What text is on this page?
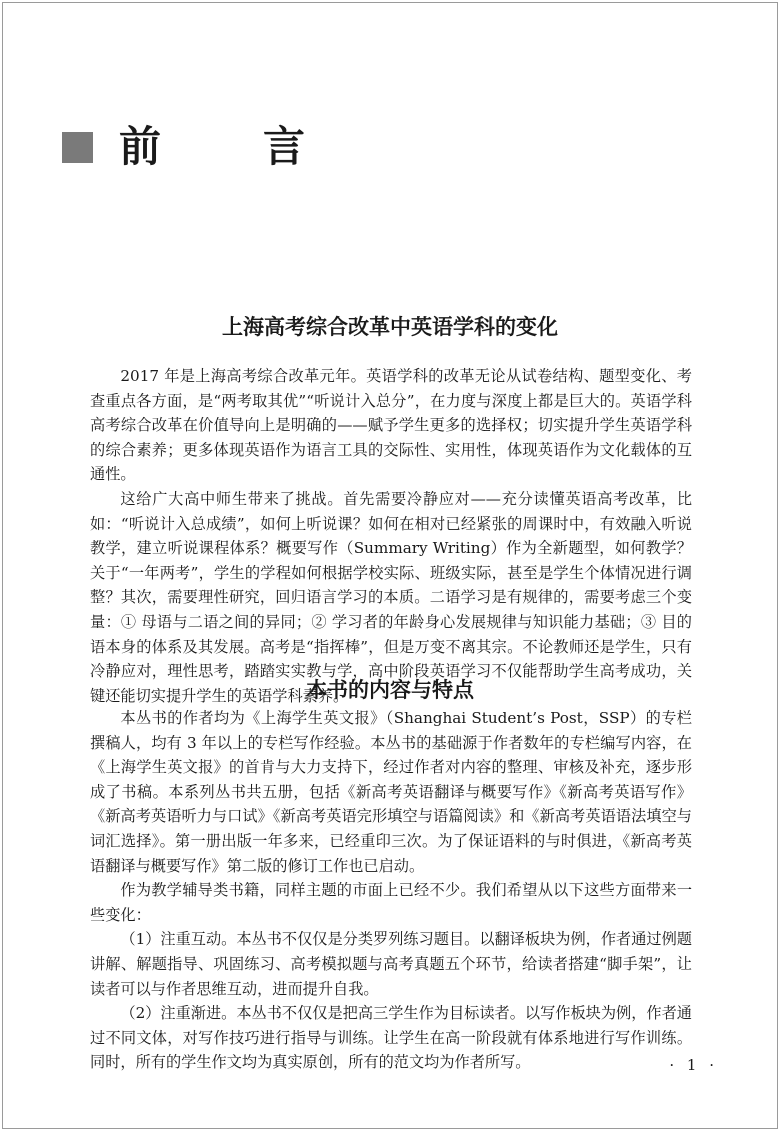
前　言
上海高考综合改革中英语学科的变化

2017 年是上海高考综合改革元年。英语学科的改革无论从试卷结构、题型变化、考查重点各方面，是“两考取其优”“听说计入总分”，在力度与深度上都是巨大的。英语学科高考综合改革在价值导向上是明确的——赋予学生更多的选择权；切实提升学生英语学科的综合素养；更多体现英语作为语言工具的交际性、实用性，体现英语作为文化载体的互通性。

这给广大高中师生带来了挑战。首先需要冷静应对——充分读懂英语高考改革，比如：“听说计入总成绩”，如何上听说课？如何在相对已经紧张的周课时中，有效融入听说教学，建立听说课程体系？概要写作（Summary Writing）作为全新题型，如何教学？关于“一年两考”，学生的学程如何根据学校实际、班级实际，甚至是学生个体情况进行调整？其次，需要理性研究，回归语言学习的本质。二语学习是有规律的，需要考虑三个变量：① 母语与二语之间的异同；② 学习者的年龄身心发展规律与知识能力基础；③ 目的语本身的体系及其发展。高考是“指挥棒”，但是万变不离其宗。不论教师还是学生，只有冷静应对，理性思考，踏踏实实教与学，高中阶段英语学习不仅能帮助学生高考成功，关键还能切实提升学生的英语学科素养。

本书的内容与特点

本丛书的作者均为《上海学生英文报》（Shanghai Student’s Post，SSP）的专栏撰稿人，均有 3 年以上的专栏写作经验。本丛书的基础源于作者数年的专栏编写内容，在《上海学生英文报》的首肯与大力支持下，经过作者对内容的整理、审核及补充，逐步形成了书稿。本系列丛书共五册，包括《新高考英语翻译与概要写作》《新高考英语写作》《新高考英语听力与口试》《新高考英语完形填空与语篇阅读》和《新高考英语语法填空与词汇选择》。第一册出版一年多来，已经重印三次。为了保证语料的与时俱进，《新高考英语翻译与概要写作》第二版的修订工作也已启动。

作为教学辅导类书籍，同样主题的市面上已经不少。我们希望从以下这些方面带来一些变化：

（1）注重互动。本丛书不仅仅是分类罗列练习题目。以翻译板块为例，作者通过例题讲解、解题指导、巩固练习、高考模拟题与高考真题五个环节，给读者搭建“脚手架”，让读者可以与作者思维互动，进而提升自我。

（2）注重渐进。本丛书不仅仅是把高三学生作为目标读者。以写作板块为例，作者通过不同文体，对写作技巧进行指导与训练。让学生在高一阶段就有体系地进行写作训练。同时，所有的学生作文均为真实原创，所有的范文均为作者所写。	· 1 ·
